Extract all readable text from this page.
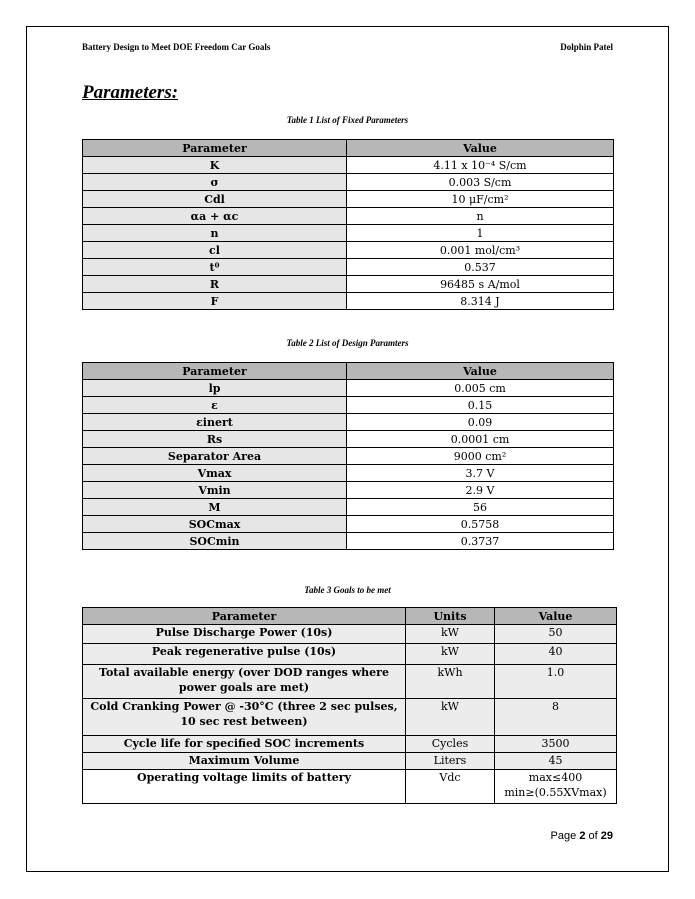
Battery Design to Meet DOE Freedom Car Goals	Dolphin Patel
Parameters:
Table 1 List of Fixed Parameters
Parameter	Value
K	4.11 x 10⁻⁴ S/cm
σ	0.003 S/cm
Cdl	10 μF/cm²
αa + αc	n
n	1
cl	0.001 mol/cm³
t⁰	0.537
R	96485 s A/mol
F	8.314 J
Table 2 List of Design Paramters
Parameter	Value
lp	0.005 cm
ε	0.15
εinert	0.09
Rs	0.0001 cm
Separator Area	9000 cm²
Vmax	3.7 V
Vmin	2.9 V
M	56
SOCmax	0.5758
SOCmin	0.3737
Table 3 Goals to be met
Parameter	Units	Value
Pulse Discharge Power (10s)	kW	50
Peak regenerative pulse (10s)	kW	40
Total available energy (over DOD ranges where power goals are met)	kWh	1.0
Cold Cranking Power @ -30°C (three 2 sec pulses, 10 sec rest between)	kW	8
Cycle life for specified SOC increments	Cycles	3500
Maximum Volume	Liters	45
Operating voltage limits of battery	Vdc	max≤400 min≥(0.55XVmax)
Page 2 of 29
